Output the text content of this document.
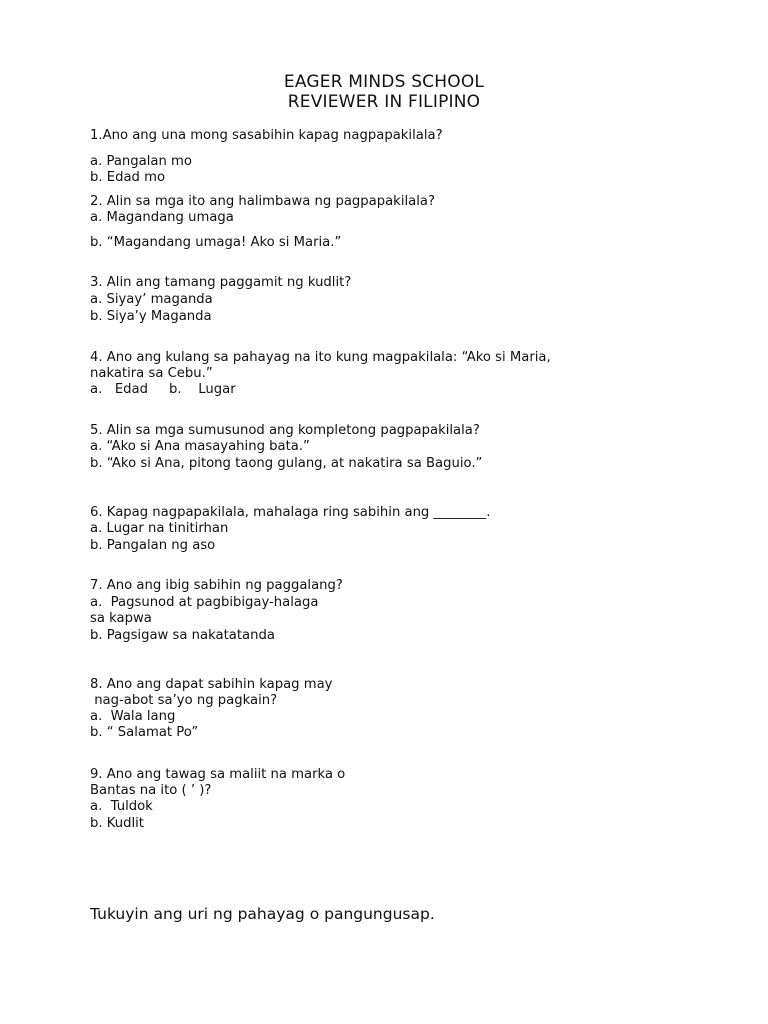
EAGER MINDS SCHOOL
REVIEWER IN FILIPINO
1.Ano ang una mong sasabihin kapag nagpapakilala?
a. Pangalan mo
b. Edad mo
2. Alin sa mga ito ang halimbawa ng pagpapakilala?
a. Magandang umaga
b. “Magandang umaga! Ako si Maria.”
3. Alin ang tamang paggamit ng kudlit?
a. Siyay’ maganda
b. Siya’y Maganda
4. Ano ang kulang sa pahayag na ito kung magpakilala: “Ako si Maria,
nakatira sa Cebu.”
a.   Edad     b.    Lugar
5. Alin sa mga sumusunod ang kompletong pagpapakilala?
a. “Ako si Ana masayahing bata.”
b. “Ako si Ana, pitong taong gulang, at nakatira sa Baguio.”
6. Kapag nagpapakilala, mahalaga ring sabihin ang ________.
a. Lugar na tinitirhan
b. Pangalan ng aso
7. Ano ang ibig sabihin ng paggalang?
a.  Pagsunod at pagbibigay-halaga
sa kapwa
b. Pagsigaw sa nakatatanda
8. Ano ang dapat sabihin kapag may
nag-abot sa’yo ng pagkain?
a.  Wala lang
b. “ Salamat Po”
9. Ano ang tawag sa maliit na marka o
Bantas na ito ( ’ )?
a.  Tuldok
b. Kudlit
Tukuyin ang uri ng pahayag o pangungusap.
